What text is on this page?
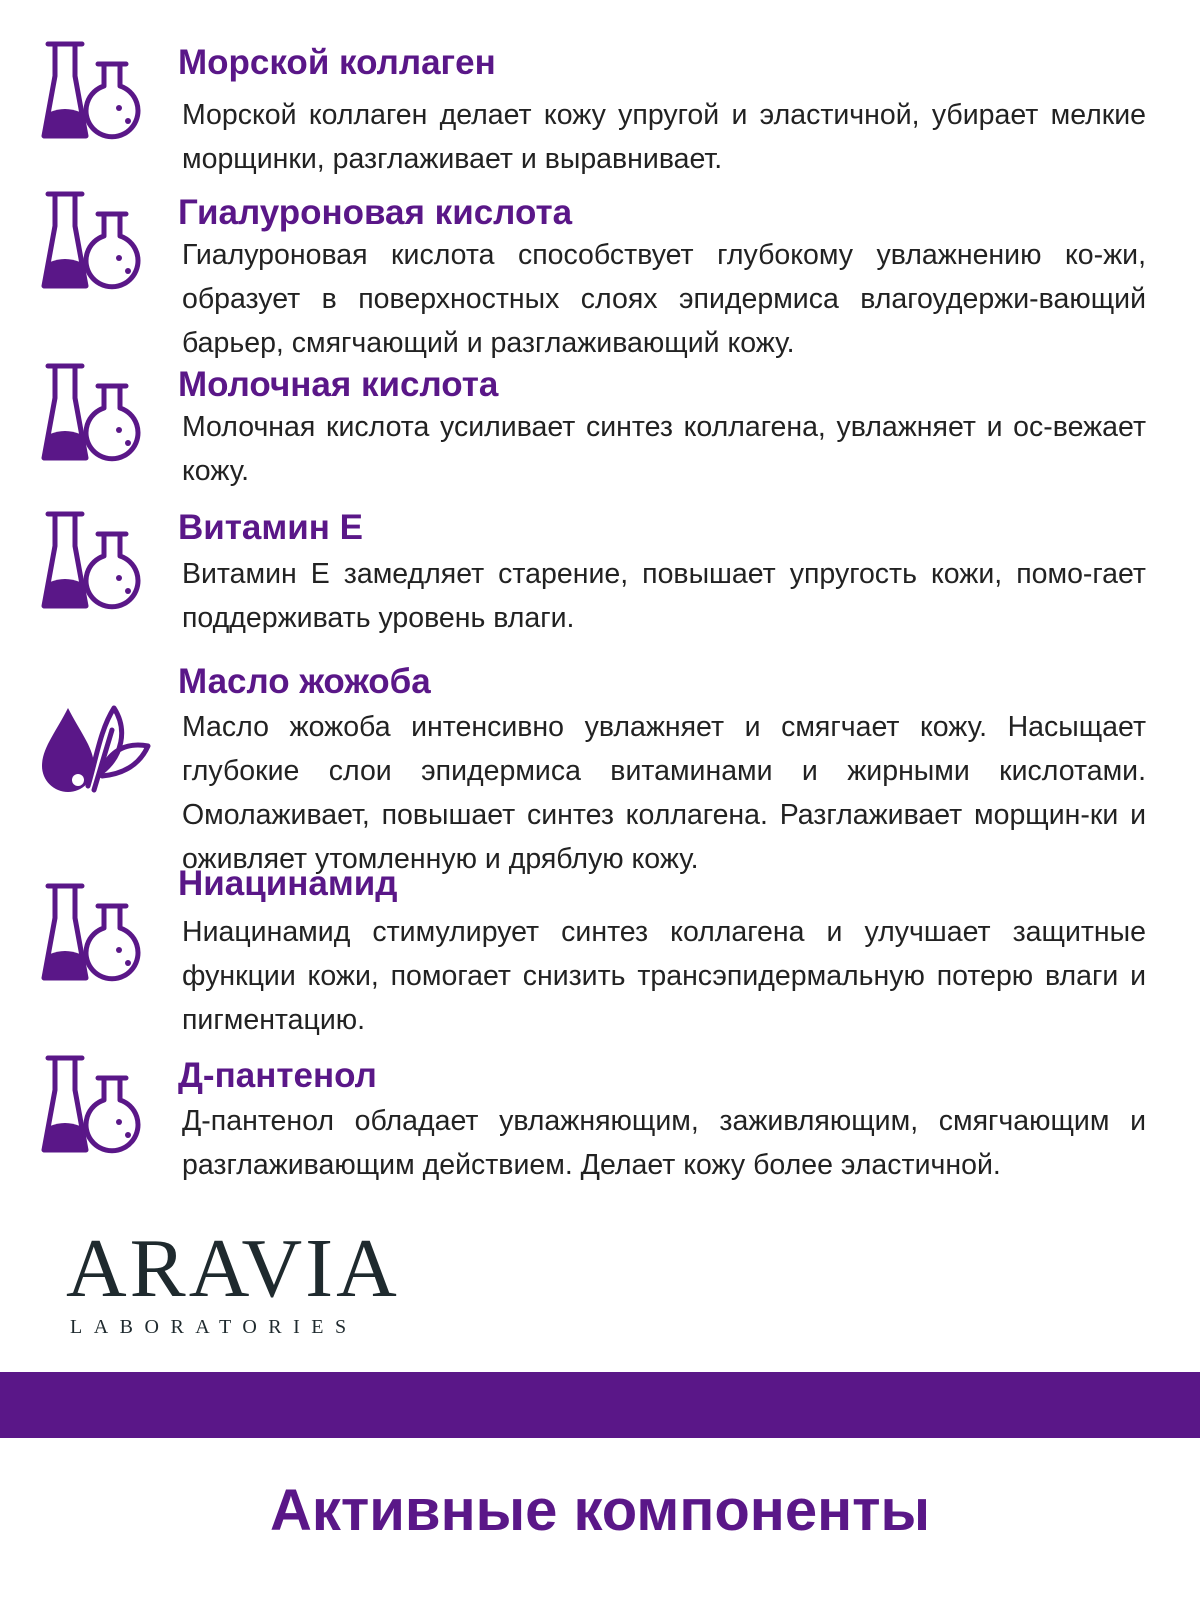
Морской коллаген

Морской коллаген делает кожу упругой и эластичной, убирает мелкие морщинки, разглаживает и выравнивает.

Гиалуроновая кислота

Гиалуроновая кислота способствует глубокому увлажнению ко-жи, образует в поверхностных слоях эпидермиса влагоудержи-вающий барьер, смягчающий и разглаживающий кожу.

Молочная кислота

Молочная кислота усиливает синтез коллагена, увлажняет и ос-вежает кожу.

Витамин Е

Витамин Е замедляет старение, повышает упругость кожи, помо-гает поддерживать уровень влаги.

Масло жожоба

Масло жожоба интенсивно увлажняет и смягчает кожу. Насыщает глубокие слои эпидермиса витаминами и жирными кислотами. Омолаживает, повышает синтез коллагена. Разглаживает морщин-ки и оживляет утомленную и дряблую кожу.

Ниацинамид

Ниацинамид стимулирует синтез коллагена и улучшает защитные функции кожи, помогает снизить трансэпидермальную потерю влаги и пигментацию.

Д-пантенол

Д-пантенол обладает увлажняющим, заживляющим, смягчающим и разглаживающим действием. Делает кожу более эластичной.

ARAVIA

LABORATORIES

Активные компоненты
